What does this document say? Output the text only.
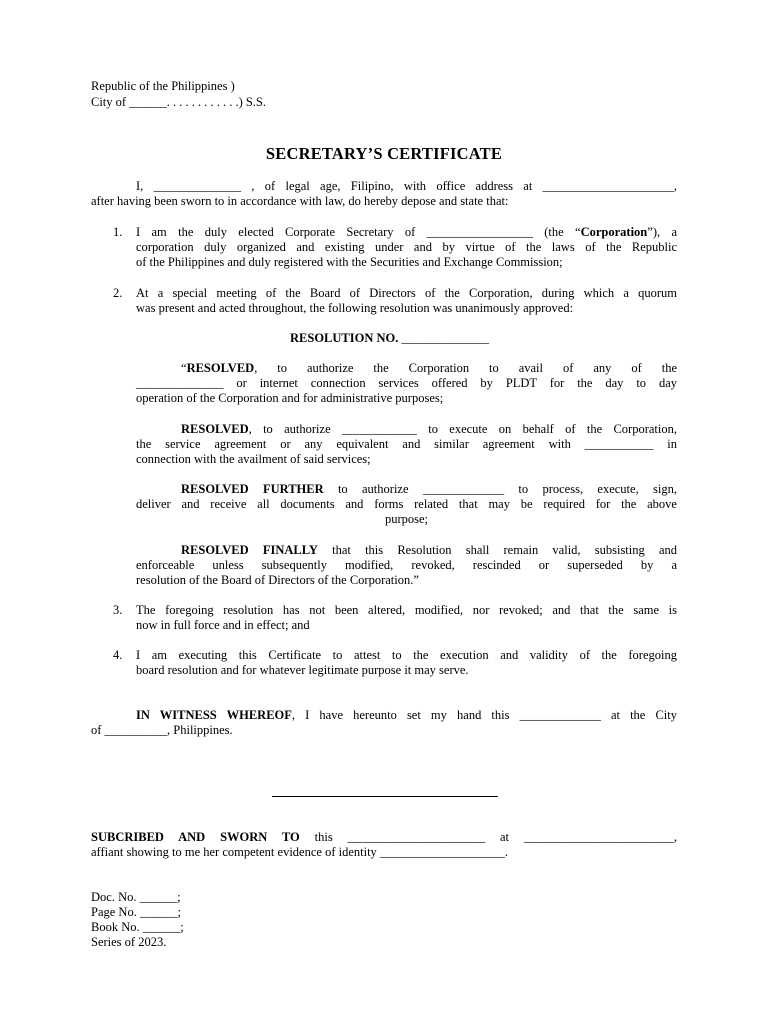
Republic of the Philippines )
City of ______. . . . . . . . . . . .) S.S.
SECRETARY’S CERTIFICATE
I, ______________ , of legal age, Filipino, with office address at _____________________,
after having been sworn to in accordance with law, do hereby depose and state that:
1.	I am the duly elected Corporate Secretary of _________________ (the “Corporation”), a
corporation duly organized and existing under and by virtue of the laws of the Republic
of the Philippines and duly registered with the Securities and Exchange Commission;
2.	At a special meeting of the Board of Directors of the Corporation, during which a quorum
was present and acted throughout, the following resolution was unanimously approved:
RESOLUTION NO. ______________
“RESOLVED, to authorize the Corporation to avail of any of the
______________ or internet connection services offered by PLDT for the day to day
operation of the Corporation and for administrative purposes;
RESOLVED, to authorize ____________ to execute on behalf of the Corporation,
the service agreement or any equivalent and similar agreement with ___________ in
connection with the availment of said services;
RESOLVED FURTHER to authorize _____________ to process, execute, sign,
deliver and receive all documents and forms related that may be required for the above
purpose;
RESOLVED FINALLY that this Resolution shall remain valid, subsisting and
enforceable unless subsequently modified, revoked, rescinded or superseded by a
resolution of the Board of Directors of the Corporation.”
3.	The foregoing resolution has not been altered, modified, nor revoked; and that the same is
now in full force and in effect; and
4.	I am executing this Certificate to attest to the execution and validity of the foregoing
board resolution and for whatever legitimate purpose it may serve.
IN WITNESS WHEREOF, I have hereunto set my hand this _____________ at the City
of __________, Philippines.
SUBCRIBED AND SWORN TO this ______________________ at ________________________,
affiant showing to me her competent evidence of identity ____________________.
Doc. No. ______;
Page No. ______;
Book No. ______;
Series of 2023.
